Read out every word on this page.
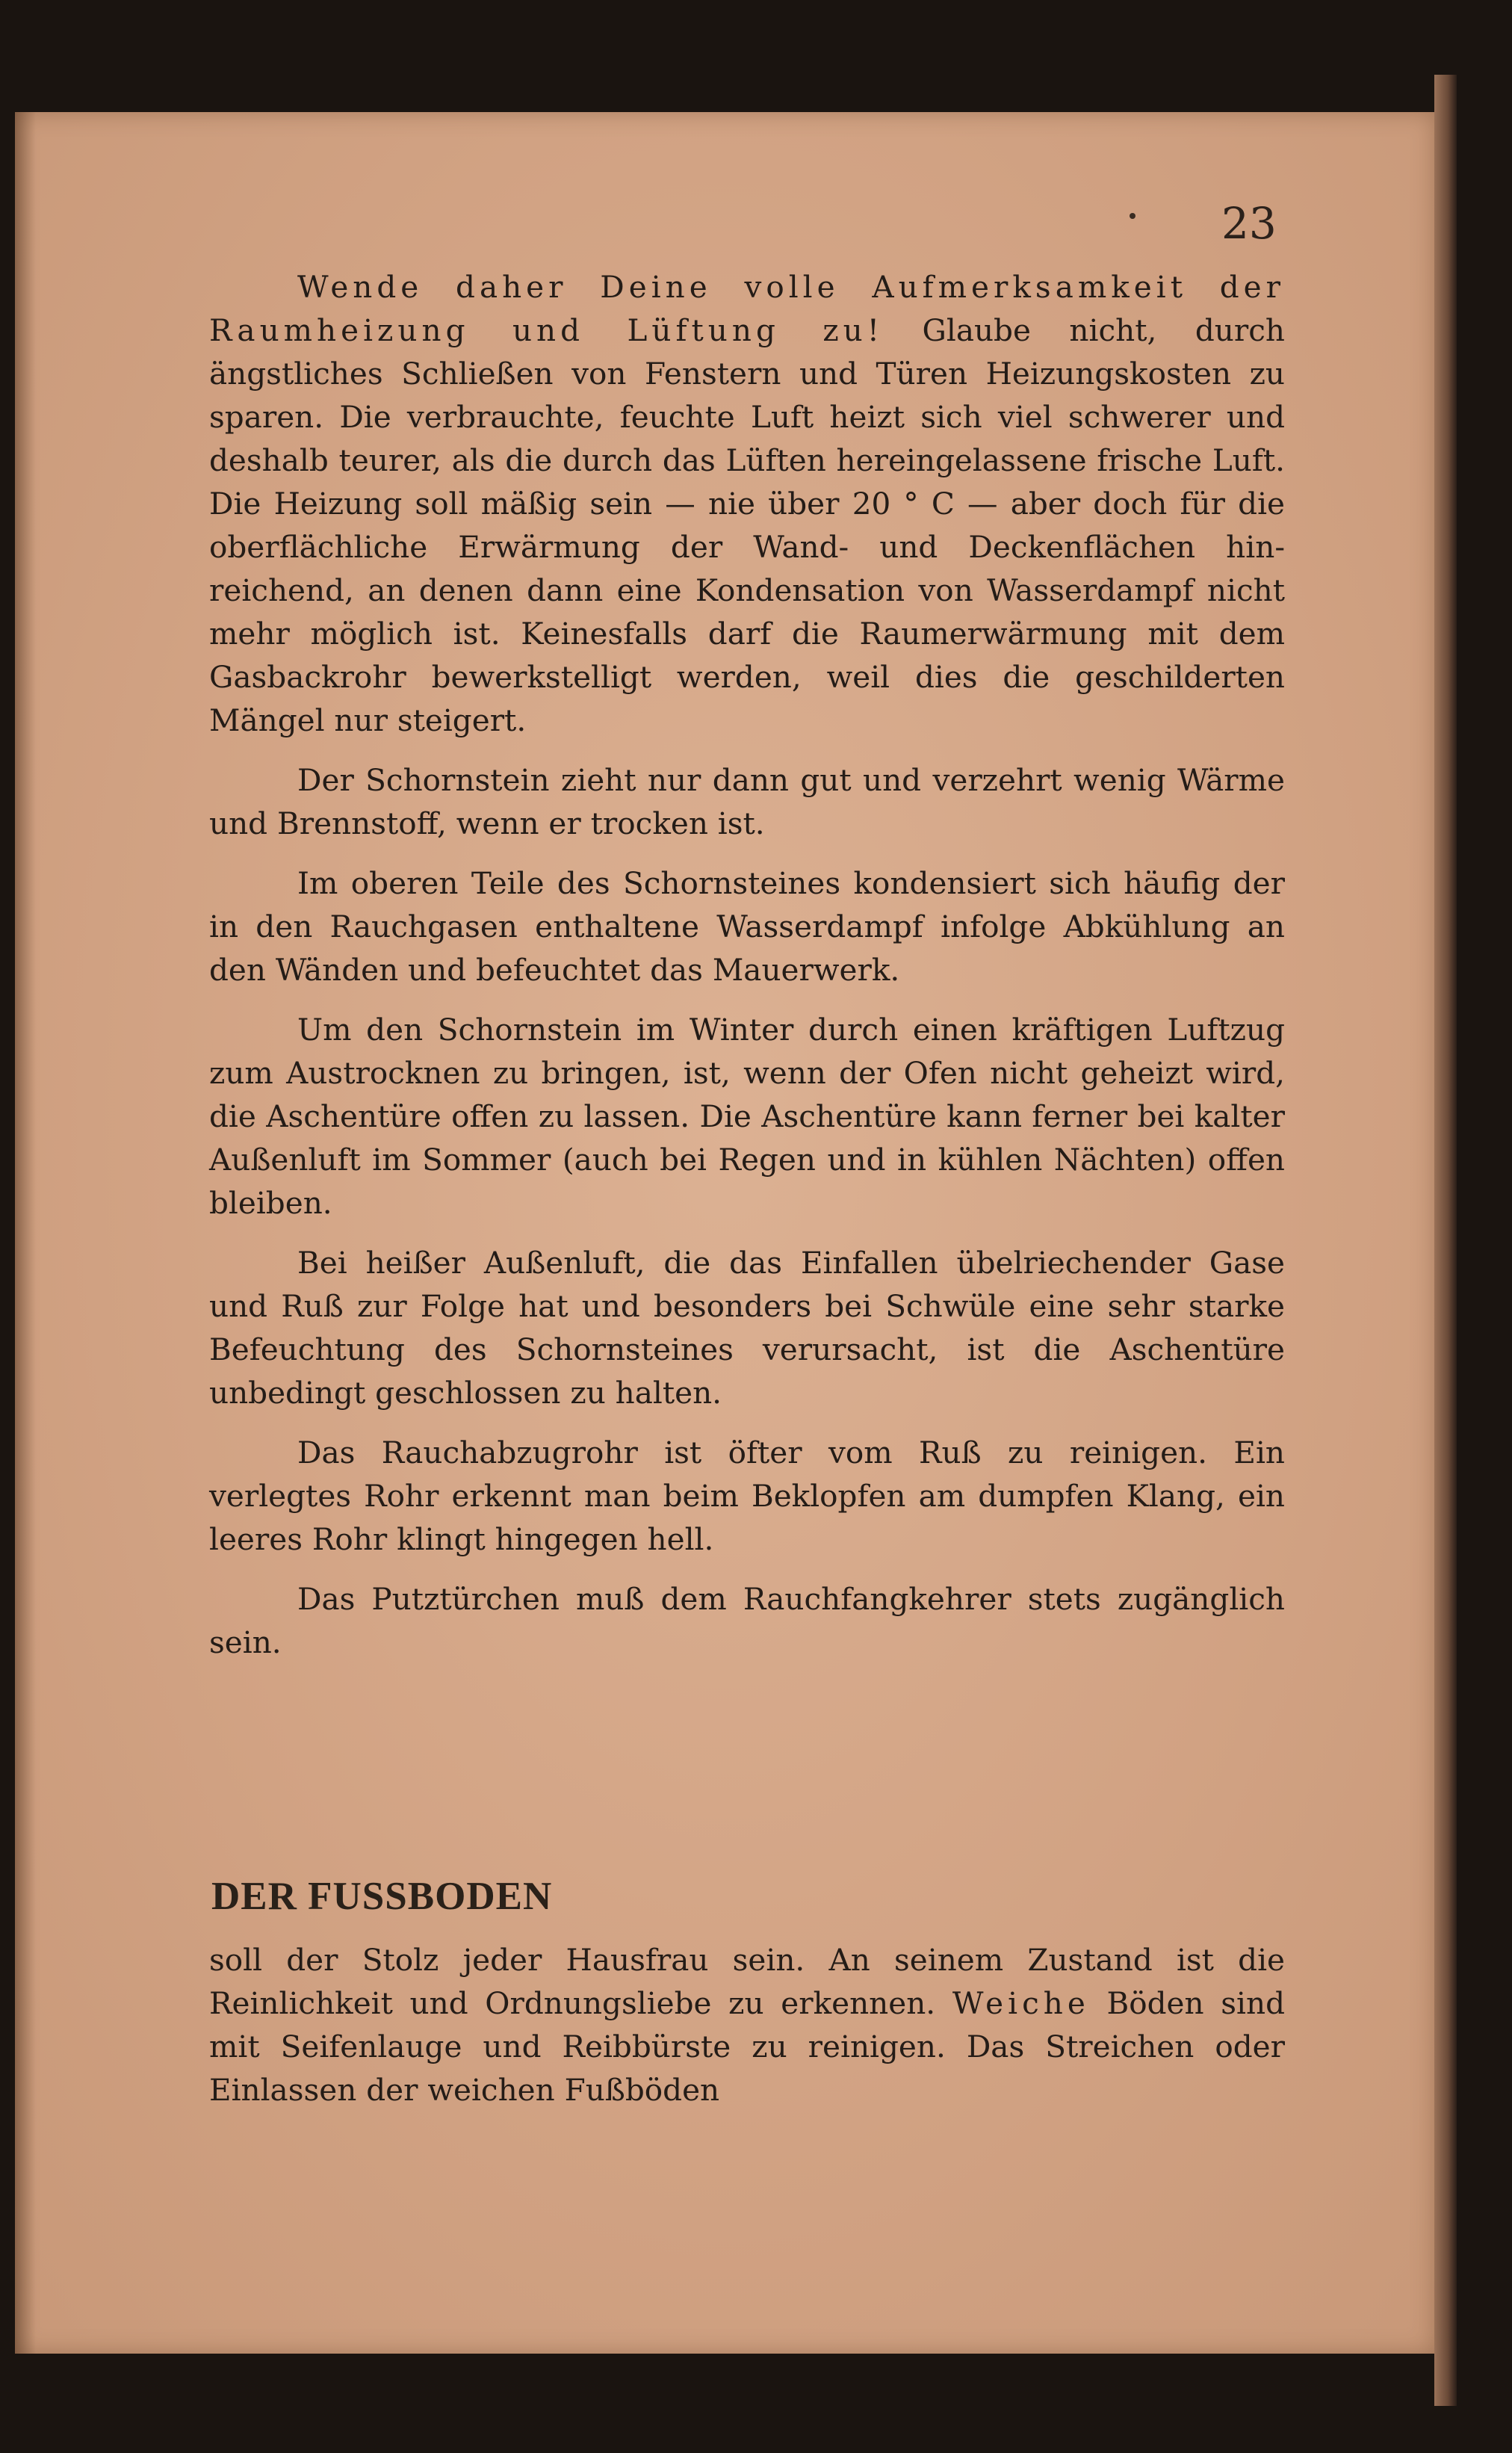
23

Wende daher Deine volle Aufmerksamkeit der Raumheizung und Lüftung zu! Glaube nicht, durch ängstliches Schließen von Fenstern und Türen Heizungskosten zu sparen. Die verbrauchte, feuchte Luft heizt sich viel schwerer und deshalb teurer, als die durch das Lüften hereingelassene frische Luft. Die Heizung soll mäßig sein — nie über 20 ° C — aber doch für die oberflächliche Erwärmung der Wand- und Deckenflächen hinreichend, an denen dann eine Kondensation von Wasserdampf nicht mehr möglich ist. Keinesfalls darf die Raumerwärmung mit dem Gasbackrohr bewerkstelligt werden, weil dies die geschilderten Mängel nur steigert.

Der Schornstein zieht nur dann gut und verzehrt wenig Wärme und Brennstoff, wenn er trocken ist.

Im oberen Teile des Schornsteines kondensiert sich häufig der in den Rauchgasen enthaltene Wasserdampf infolge Abkühlung an den Wänden und befeuchtet das Mauerwerk.

Um den Schornstein im Winter durch einen kräftigen Luftzug zum Austrocknen zu bringen, ist, wenn der Ofen nicht geheizt wird, die Aschentüre offen zu lassen. Die Aschentüre kann ferner bei kalter Außenluft im Sommer (auch bei Regen und in kühlen Nächten) offen bleiben.

Bei heißer Außenluft, die das Einfallen übelriechender Gase und Ruß zur Folge hat und besonders bei Schwüle eine sehr starke Befeuchtung des Schornsteines verursacht, ist die Aschentüre unbedingt geschlossen zu halten.

Das Rauchabzugrohr ist öfter vom Ruß zu reinigen. Ein verlegtes Rohr erkennt man beim Beklopfen am dumpfen Klang, ein leeres Rohr klingt hingegen hell.

Das Putztürchen muß dem Rauchfangkehrer stets zugänglich sein.

DER FUSSBODEN

soll der Stolz jeder Hausfrau sein. An seinem Zustand ist die Reinlichkeit und Ordnungsliebe zu erkennen. Weiche Böden sind mit Seifenlauge und Reibbürste zu reinigen. Das Streichen oder Einlassen der weichen Fußböden
